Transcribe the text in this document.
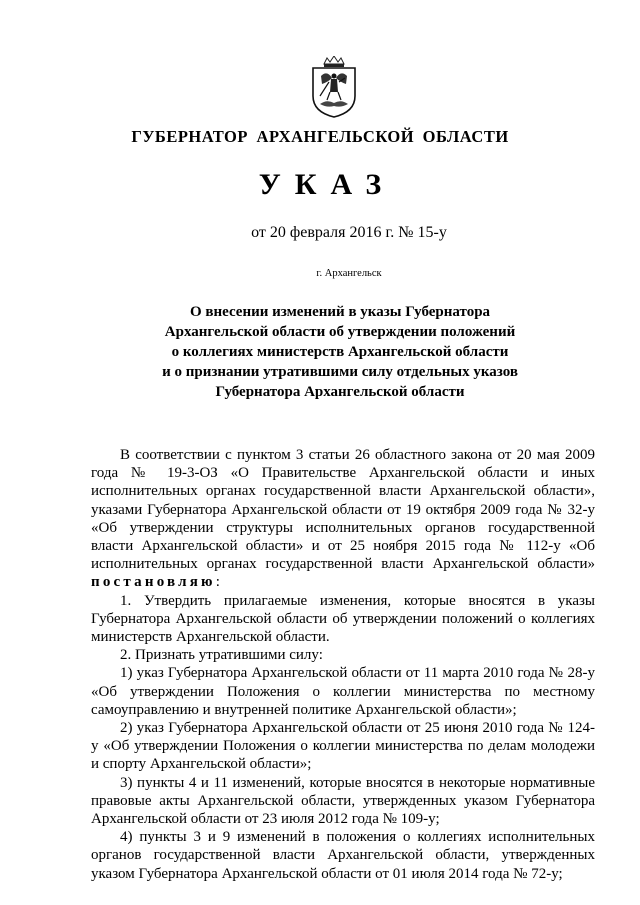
ГУБЕРНАТОР АРХАНГЕЛЬСКОЙ ОБЛАСТИ
УКАЗ
от 20 февраля 2016 г. № 15-у
г. Архангельск
О внесении изменений в указы Губернатора
Архангельской области об утверждении положений
о коллегиях министерств Архангельской области
и о признании утратившими силу отдельных указов
Губернатора Архангельской области

В соответствии с пунктом 3 статьи 26 областного закона от 20 мая 2009 года № 19-3-ОЗ «О Правительстве Архангельской области и иных исполнительных органах государственной власти Архангельской области», указами Губернатора Архангельской области от 19 октября 2009 года № 32-у «Об утверждении структуры исполнительных органов государственной власти Архангельской области» и от 25 ноября 2015 года № 112-у «Об исполнительных органах государственной власти Архангельской области» постановляю:

1. Утвердить прилагаемые изменения, которые вносятся в указы Губернатора Архангельской области об утверждении положений о коллегиях министерств Архангельской области.

2. Признать утратившими силу:

1) указ Губернатора Архангельской области от 11 марта 2010 года № 28-у «Об утверждении Положения о коллегии министерства по местному самоуправлению и внутренней политике Архангельской области»;

2) указ Губернатора Архангельской области от 25 июня 2010 года № 124-у «Об утверждении Положения о коллегии министерства по делам молодежи и спорту Архангельской области»;

3) пункты 4 и 11 изменений, которые вносятся в некоторые нормативные правовые акты Архангельской области, утвержденных указом Губернатора Архангельской области от 23 июля 2012 года № 109-у;

4) пункты 3 и 9 изменений в положения о коллегиях исполнительных органов государственной власти Архангельской области, утвержденных указом Губернатора Архангельской области от 01 июля 2014 года № 72-у;
